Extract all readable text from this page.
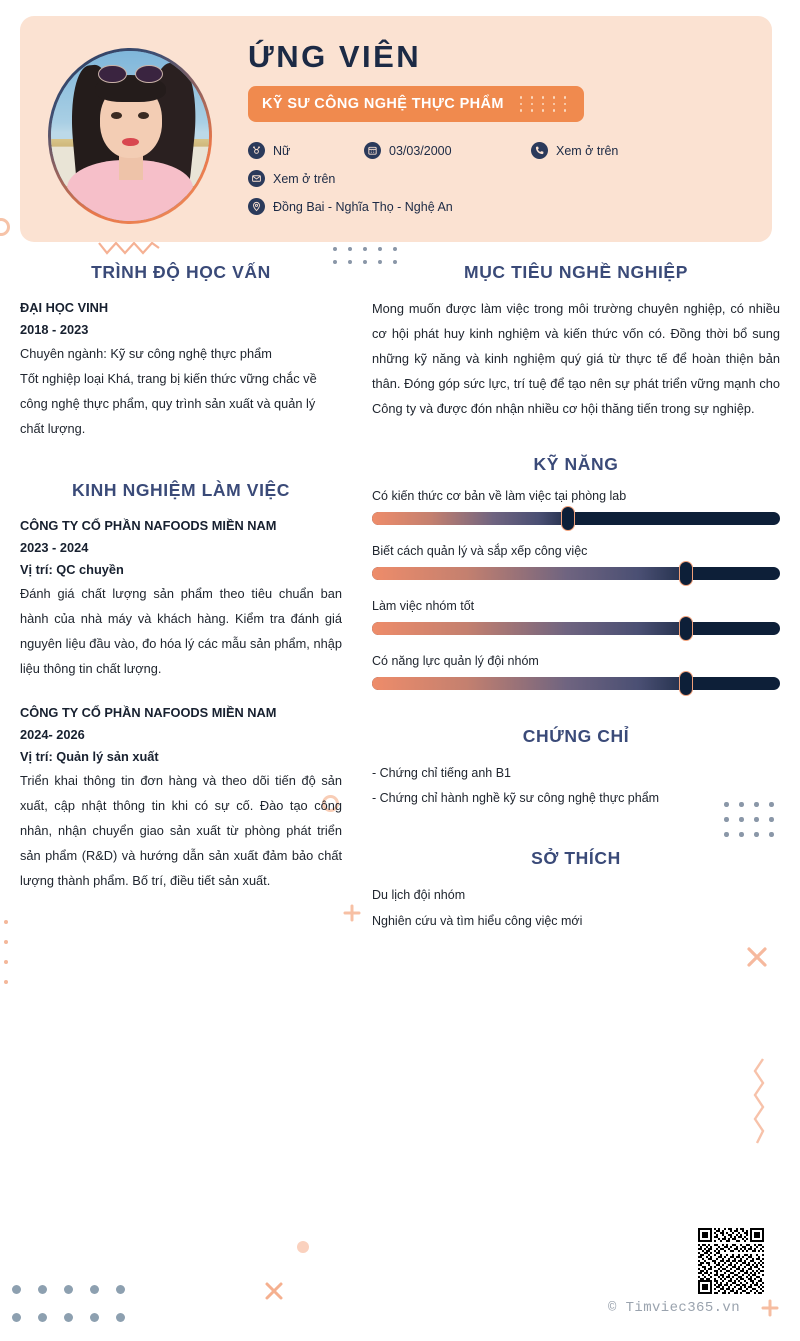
ỨNG VIÊN
KỸ SƯ CÔNG NGHỆ THỰC PHẨM
Nữ	03/03/2000	Xem ở trên
Xem ở trên
Đồng Bai - Nghĩa Thọ - Nghệ An
TRÌNH ĐỘ HỌC VẤN
ĐẠI HỌC VINH
2018 - 2023
Chuyên ngành: Kỹ sư công nghệ thực phẩm
Tốt nghiệp loại Khá, trang bị kiến thức vững chắc về công nghệ thực phẩm, quy trình sản xuất và quản lý chất lượng.
KINH NGHIỆM LÀM VIỆC
CÔNG TY CỔ PHẦN NAFOODS MIỀN NAM
2023 - 2024
Vị trí: QC chuyền
Đánh giá chất lượng sản phẩm theo tiêu chuẩn ban hành của nhà máy và khách hàng. Kiểm tra đánh giá nguyên liệu đầu vào, đo hóa lý các mẫu sản phẩm, nhập liệu thông tin chất lượng.
CÔNG TY CỔ PHẦN NAFOODS MIỀN NAM
2024- 2026
Vị trí: Quản lý sản xuất
Triển khai thông tin đơn hàng và theo dõi tiến độ sản xuất, cập nhật thông tin khi có sự cố. Đào tạo công nhân, nhận chuyển giao sản xuất từ phòng phát triển sản phẩm (R&D) và hướng dẫn sản xuất đảm bảo chất lượng thành phẩm. Bố trí, điều tiết sản xuất.
MỤC TIÊU NGHỀ NGHIỆP
Mong muốn được làm việc trong môi trường chuyên nghiệp, có nhiều cơ hội phát huy kinh nghiệm và kiến thức vốn có. Đồng thời bổ sung những kỹ năng và kinh nghiệm quý giá từ thực tế để hoàn thiện bản thân. Đóng góp sức lực, trí tuệ để tạo nên sự phát triển vững mạnh cho Công ty và được đón nhận nhiều cơ hội thăng tiến trong sự nghiệp.
KỸ NĂNG
Có kiến thức cơ bản về làm việc tại phòng lab
Biết cách quản lý và sắp xếp công việc
Làm việc nhóm tốt
Có năng lực quản lý đội nhóm
CHỨNG CHỈ
- Chứng chỉ tiếng anh B1
- Chứng chỉ hành nghề kỹ sư công nghệ thực phẩm
SỞ THÍCH
Du lịch đội nhóm
Nghiên cứu và tìm hiểu công việc mới
© Timviec365.vn
